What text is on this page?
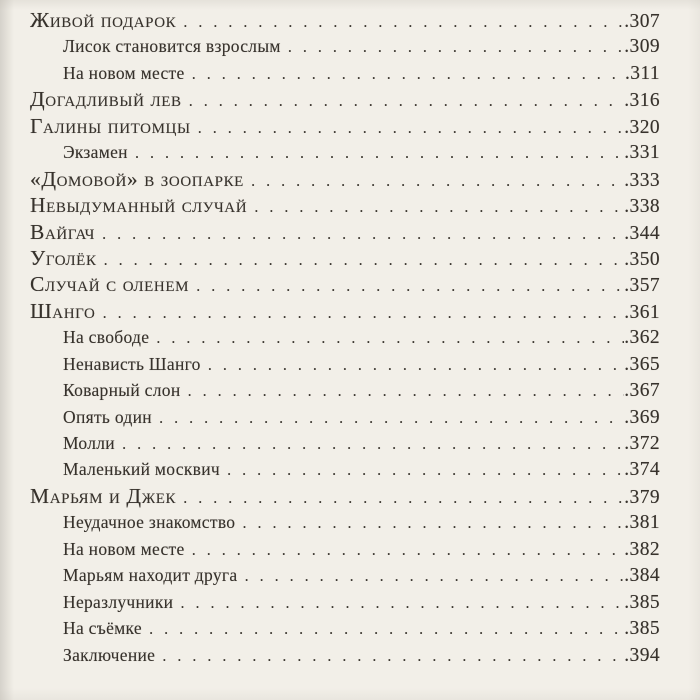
Живой подарок . . .	. 307
Лисок становится взрослым . . .	. 309
На новом месте . . .	. 311
Догадливый лев . . .	. 316
Галины питомцы . . .	. 320
Экзамен . . .	. 331
«Домовой» в зоопарке . . .	. 333
Невыдуманный случай . . .	. 338
Вайгач . . .	. 344
Уголёк . . .	. 350
Случай с оленем . . .	. 357
Шанго . . .	. 361
На свободе . . .	. 362
Ненависть Шанго . . .	. 365
Коварный слон . . .	. 367
Опять один . . .	. 369
Молли . . .	. 372
Маленький москвич . . .	. 374
Марьям и Джек . . .	. 379
Неудачное знакомство . . .	. 381
На новом месте . . .	. 382
Марьям находит друга . . .	. 384
Неразлучники . . .	. 385
На съёмке . . .	. 385
Заключение . . .	. 394
